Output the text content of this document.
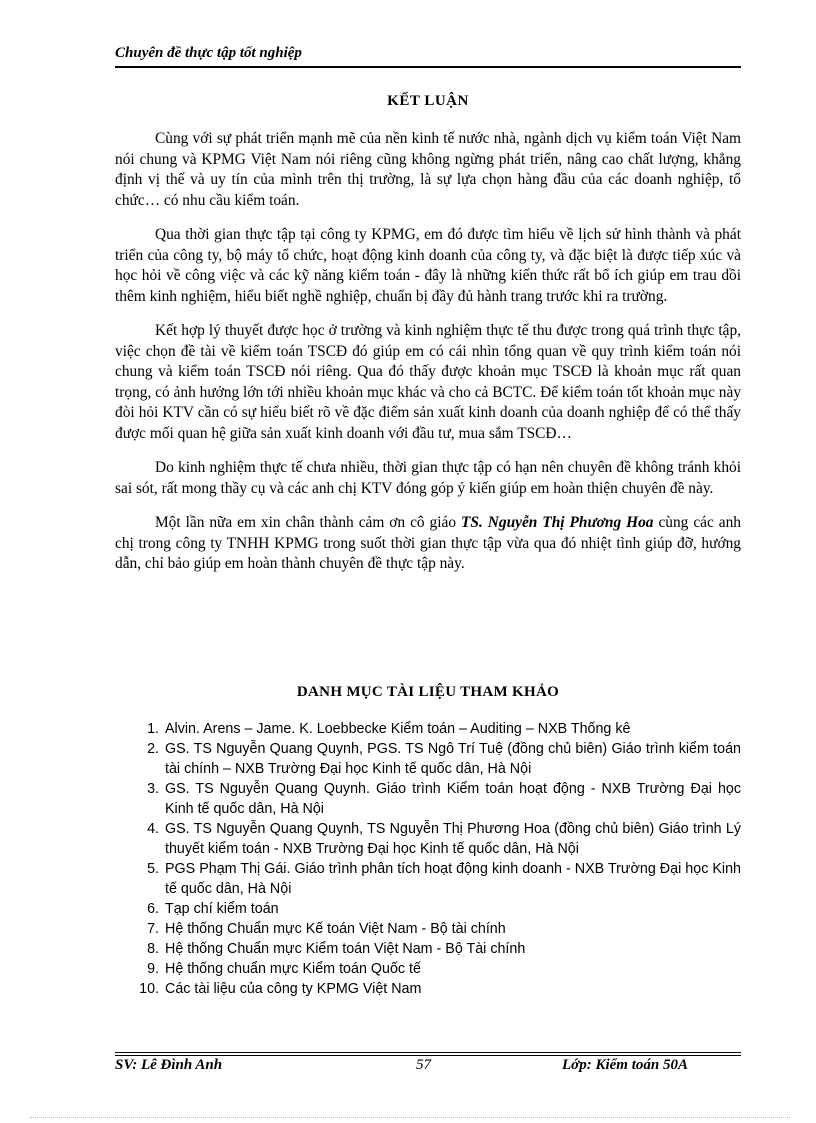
Chuyên đề thực tập tốt nghiệp
KẾT LUẬN

Cùng với sự phát triển mạnh mẽ của nền kinh tế nước nhà, ngành dịch vụ kiểm toán Việt Nam nói chung và KPMG Việt Nam nói riêng cũng không ngừng phát triển, nâng cao chất lượng, khẳng định vị thế và uy tín của mình trên thị trường, là sự lựa chọn hàng đầu của các doanh nghiệp, tổ chức… có nhu cầu kiểm toán.

Qua thời gian thực tập tại công ty KPMG, em đó được tìm hiểu về lịch sử hình thành và phát triển của công ty, bộ máy tổ chức, hoạt động kinh doanh của công ty, và đặc biệt là được tiếp xúc và học hỏi về công việc và các kỹ năng kiểm toán - đây là những kiến thức rất bổ ích giúp em trau dồi thêm kinh nghiệm, hiểu biết nghề nghiệp, chuẩn bị đầy đủ hành trang trước khi ra trường.

Kết hợp lý thuyết được học ở trường và kinh nghiệm thực tế thu được trong quá trình thực tập, việc chọn đề tài về kiểm toán TSCĐ đó giúp em có cái nhìn tổng quan về quy trình kiểm toán nói chung và kiểm toán TSCĐ nói riêng. Qua đó thấy được khoản mục TSCĐ là khoản mục rất quan trọng, có ảnh hưởng lớn tới nhiều khoản mục khác và cho cả BCTC. Để kiểm toán tốt khoản mục này đòi hỏi KTV cần có sự hiểu biết rõ về đặc điểm sản xuất kinh doanh của doanh nghiệp để có thể thấy được mối quan hệ giữa sản xuất kinh doanh với đầu tư, mua sắm TSCĐ…

Do kinh nghiệm thực tế chưa nhiều, thời gian thực tập có hạn nên chuyên đề không tránh khỏi sai sót, rất mong thầy cụ và các anh chị KTV đóng góp ý kiến giúp em hoàn thiện chuyên đề này.

Một lần nữa em xin chân thành cảm ơn cô giáo TS. Nguyễn Thị Phương Hoa cùng các anh chị trong công ty TNHH KPMG trong suốt thời gian thực tập vừa qua đó nhiệt tình giúp đỡ, hướng dẫn, chỉ bảo giúp em hoàn thành chuyên đề thực tập này.

DANH MỤC TÀI LIỆU THAM KHẢO
1. Alvin. Arens – Jame. K. Loebbecke Kiểm toán – Auditing – NXB Thống kê
2. GS. TS Nguyễn Quang Quynh, PGS. TS Ngô Trí Tuệ (đồng chủ biên) Giáo trình kiểm toán tài chính – NXB Trường Đại học Kinh tế quốc dân, Hà Nội
3. GS. TS Nguyễn Quang Quynh. Giáo trình Kiểm toán hoạt động - NXB Trường Đại học Kinh tế quốc dân, Hà Nội
4. GS. TS Nguyễn Quang Quynh, TS Nguyễn Thị Phương Hoa (đồng chủ biên) Giáo trình Lý thuyết kiểm toán - NXB Trường Đại học Kinh tế quốc dân, Hà Nội
5. PGS Phạm Thị Gái. Giáo trình phân tích hoạt động kinh doanh - NXB Trường Đại học Kinh tế quốc dân, Hà Nội
6. Tạp chí kiểm toán
7. Hệ thống Chuẩn mực Kế toán Việt Nam - Bộ tài chính
8. Hệ thống Chuẩn mực Kiểm toán Việt Nam - Bộ Tài chính
9. Hệ thống chuẩn mực Kiểm toán Quốc tế
10. Các tài liệu của công ty KPMG Việt Nam
SV: Lê Đình Anh	57	Lớp: Kiểm toán 50A
